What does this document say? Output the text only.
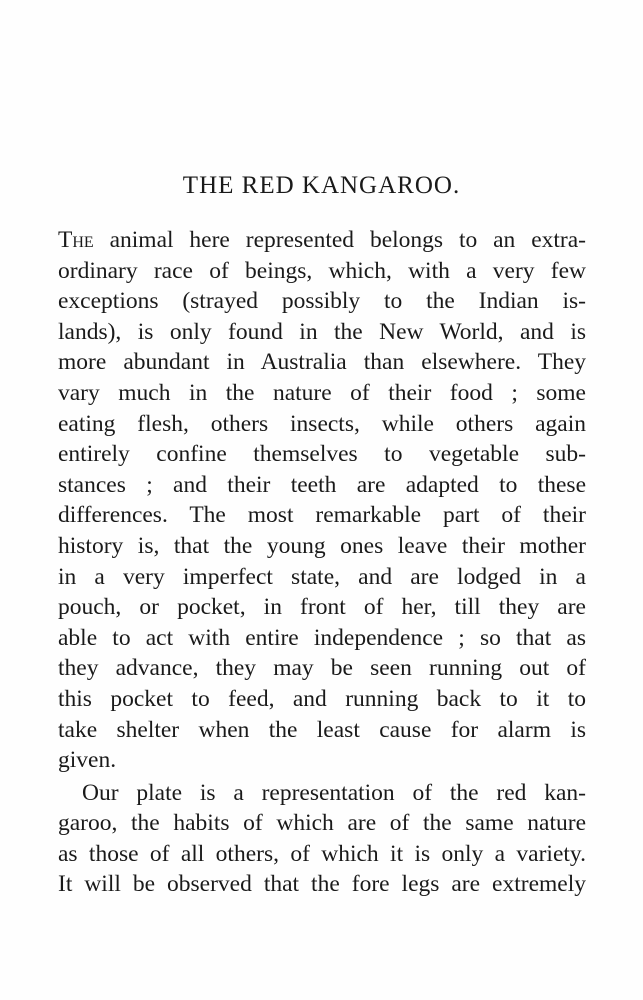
THE RED KANGAROO.
The animal here represented belongs to an extra-
ordinary race of beings, which, with a very few
exceptions (strayed possibly to the Indian is-
lands), is only found in the New World, and is
more abundant in Australia than elsewhere. They
vary much in the nature of their food ; some
eating flesh, others insects, while others again
entirely confine themselves to vegetable sub-
stances ; and their teeth are adapted to these
differences. The most remarkable part of their
history is, that the young ones leave their mother
in a very imperfect state, and are lodged in a
pouch, or pocket, in front of her, till they are
able to act with entire independence ; so that as
they advance, they may be seen running out of
this pocket to feed, and running back to it to
take shelter when the least cause for alarm is
given.
Our plate is a representation of the red kan-
garoo, the habits of which are of the same nature
as those of all others, of which it is only a variety.
It will be observed that the fore legs are extremely
